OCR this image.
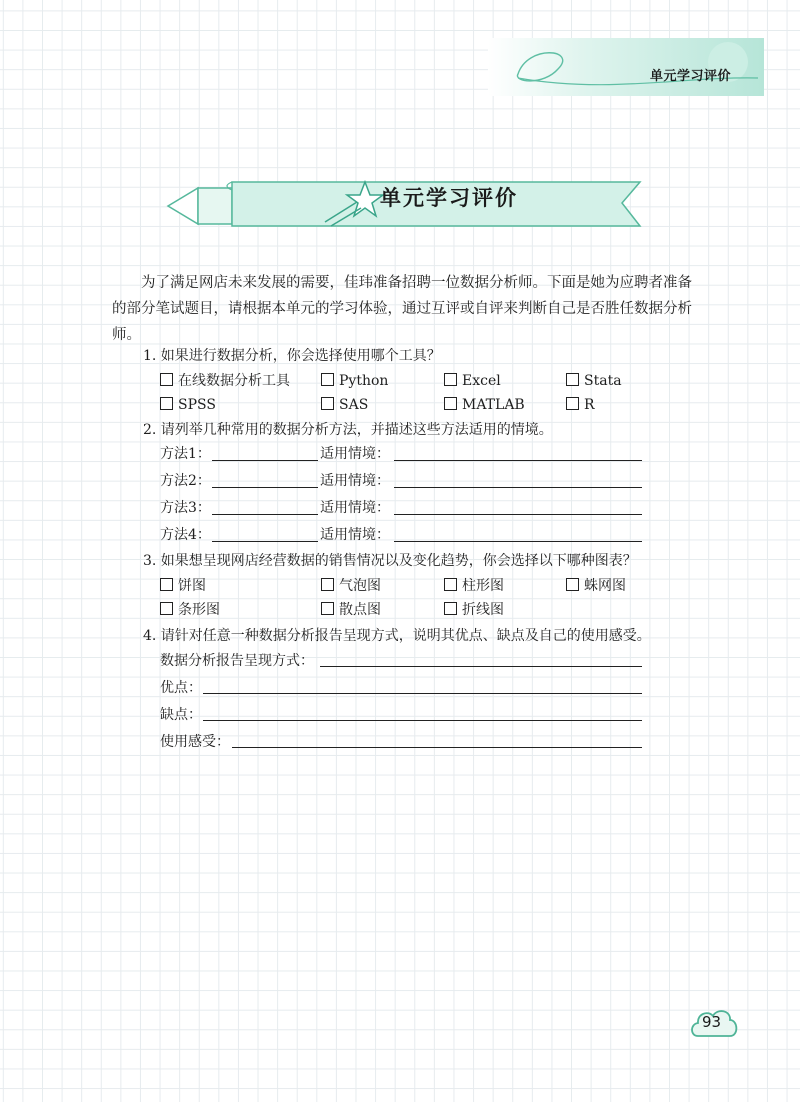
单元学习评价
单元学习评价
为了满足网店未来发展的需要，佳玮准备招聘一位数据分析师。下面是她为应聘者准备的部分笔试题目，请根据本单元的学习体验，通过互评或自评来判断自己是否胜任数据分析师。
1. 如果进行数据分析，你会选择使用哪个工具？
在线数据分析工具	Python	Excel	Stata
SPSS	SAS	MATLAB	R
2. 请列举几种常用的数据分析方法，并描述这些方法适用的情境。
方法1：	适用情境：
方法2：	适用情境：
方法3：	适用情境：
方法4：	适用情境：
3. 如果想呈现网店经营数据的销售情况以及变化趋势，你会选择以下哪种图表？
饼图	气泡图	柱形图	蛛网图
条形图	散点图	折线图
4. 请针对任意一种数据分析报告呈现方式，说明其优点、缺点及自己的使用感受。
数据分析报告呈现方式：
优点：
缺点：
使用感受：
93
